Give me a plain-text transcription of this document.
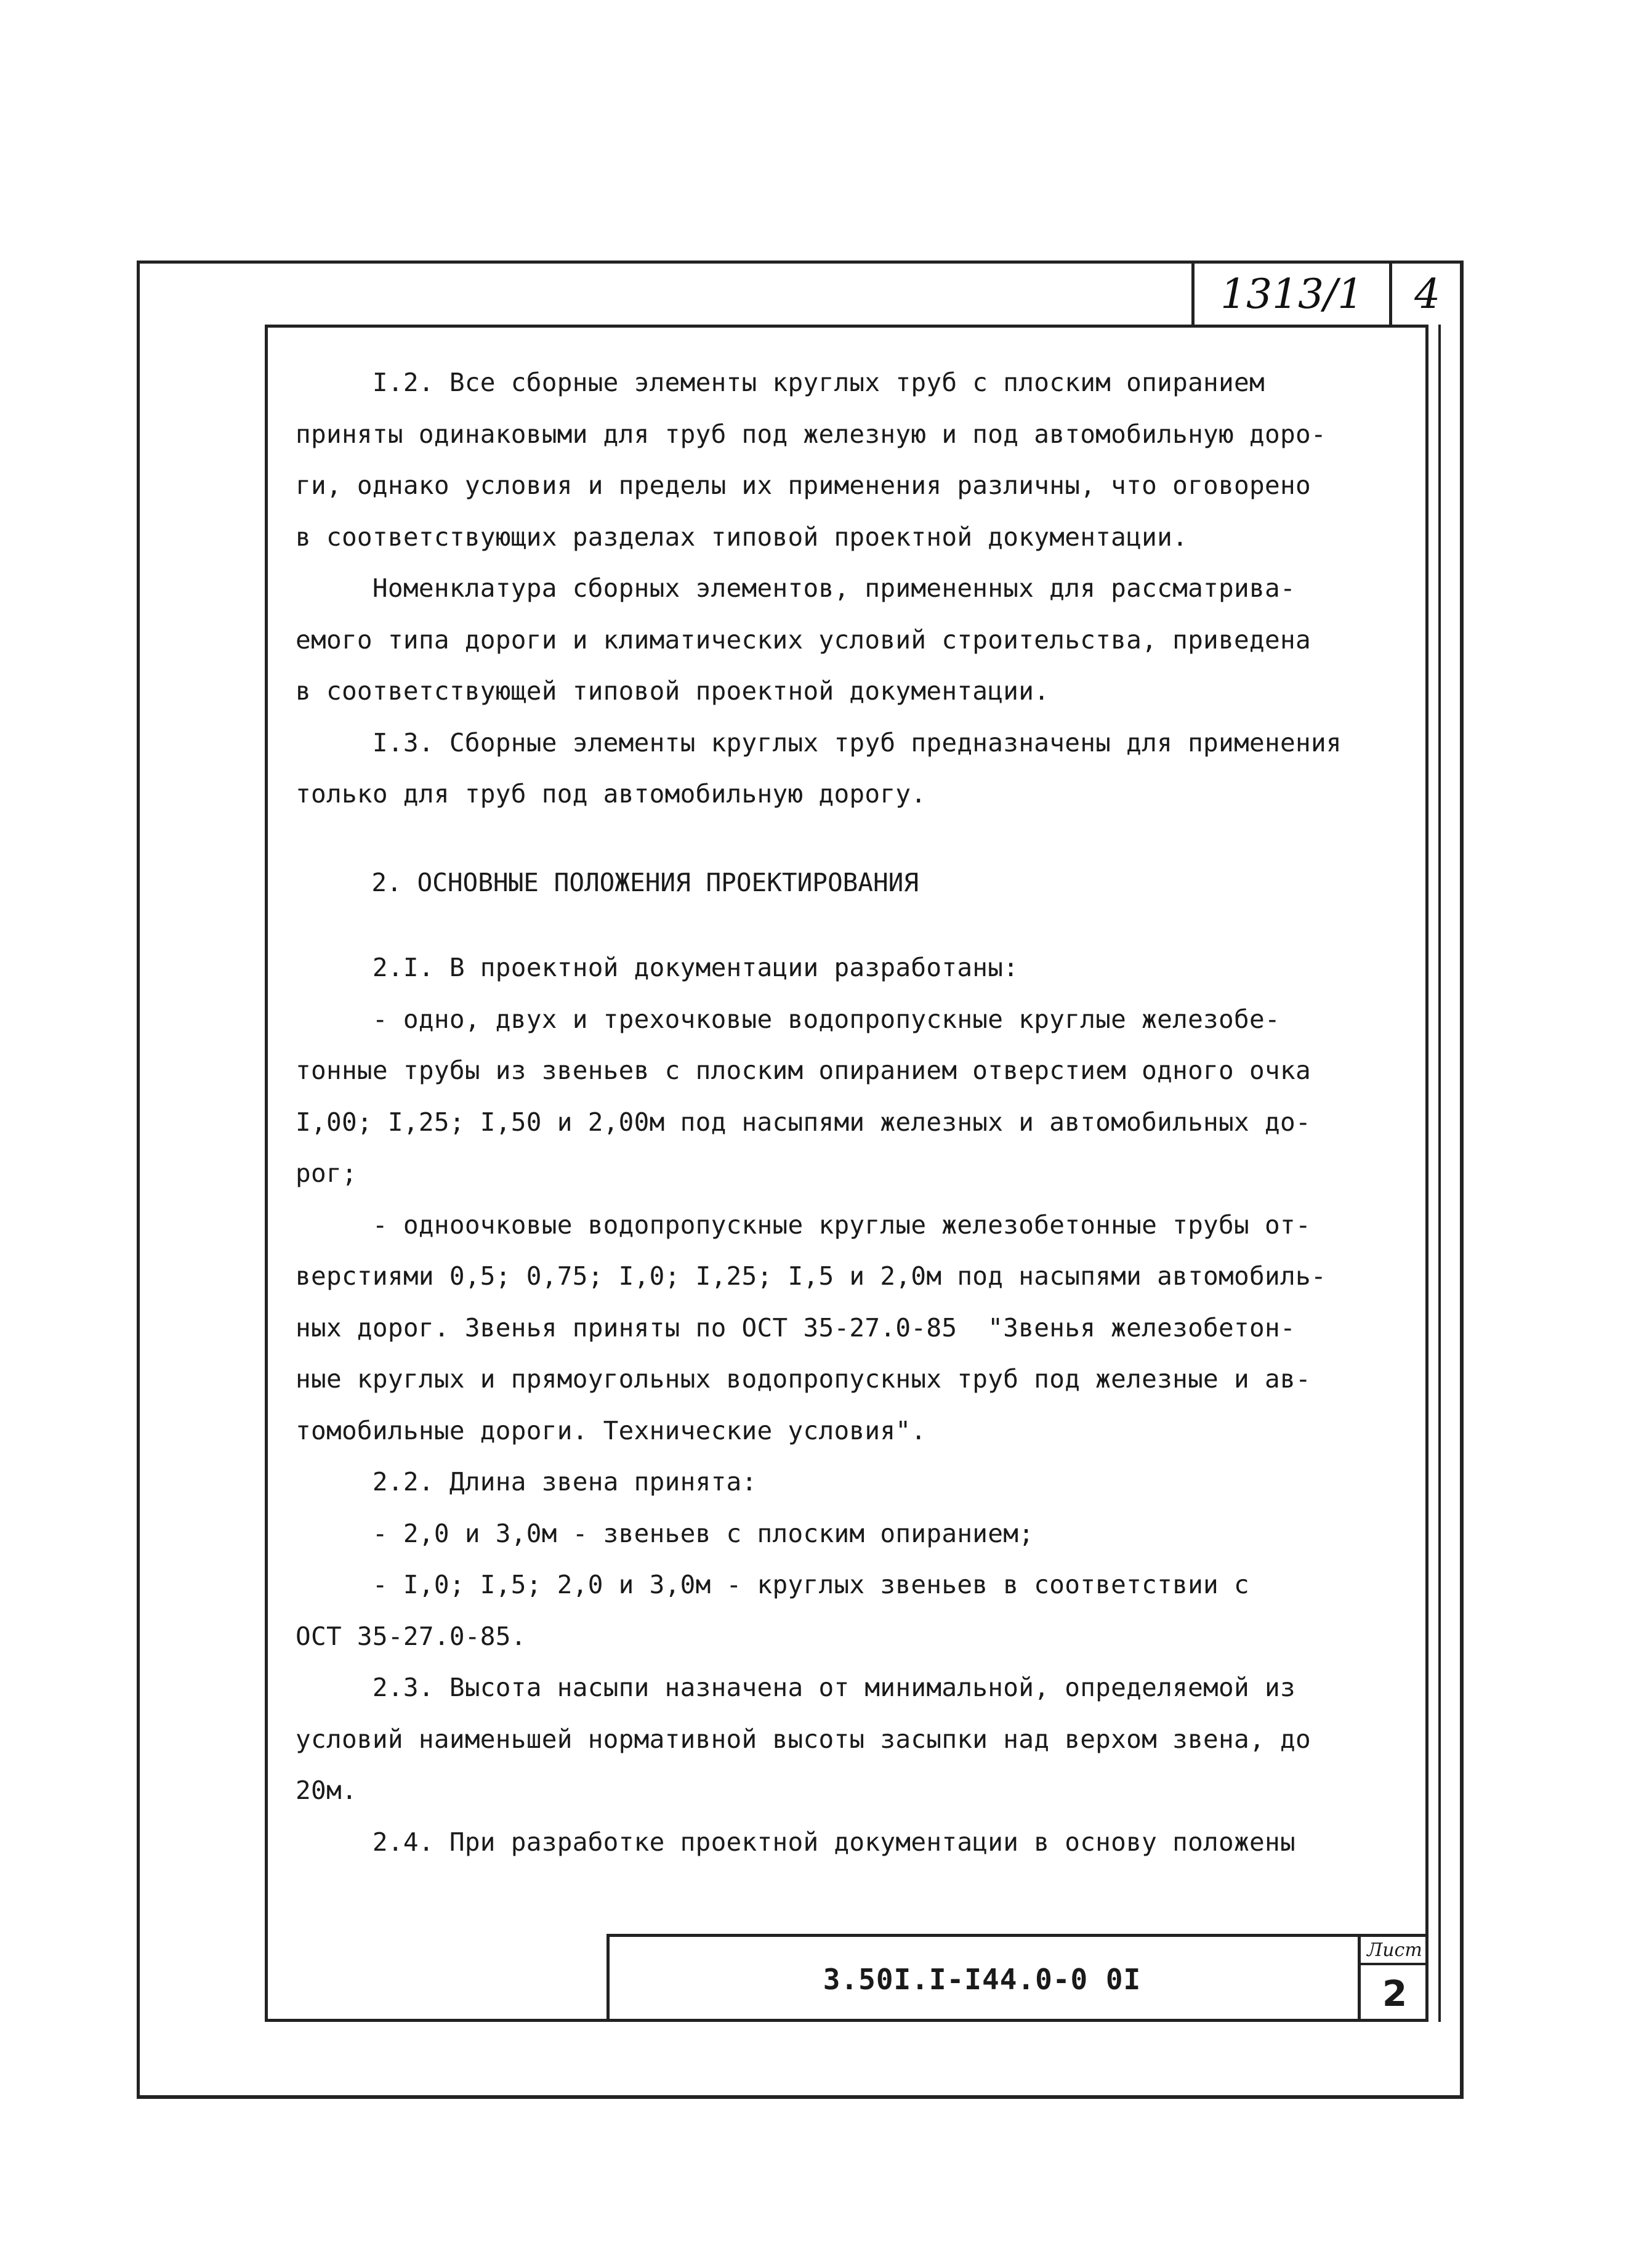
1313/1	4
I.2. Все сборные элементы круглых труб с плоским опиранием
приняты одинаковыми для труб под железную и под автомобильную доро-
ги, однако условия и пределы их применения различны, что оговорено
в соответствующих разделах типовой проектной документации.
Номенклатура сборных элементов, примененных для рассматрива-
емого типа дороги и климатических условий строительства, приведена
в соответствующей типовой проектной документации.
I.3. Сборные элементы круглых труб предназначены для применения
только для труб под автомобильную дорогу.
2. ОСНОВНЫЕ ПОЛОЖЕНИЯ ПРОЕКТИРОВАНИЯ
2.I. В проектной документации разработаны:
- одно, двух и трехочковые водопропускные круглые железобе-
тонные трубы из звеньев с плоским опиранием отверстием одного очка
I,00; I,25; I,50 и 2,00м под насыпями железных и автомобильных до-
рог;
- одноочковые водопропускные круглые железобетонные трубы от-
верстиями 0,5; 0,75; I,0; I,25; I,5 и 2,0м под насыпями автомобиль-
ных дорог. Звенья приняты по ОСТ 35-27.0-85  "Звенья железобетон-
ные круглых и прямоугольных водопропускных труб под железные и ав-
томобильные дороги. Технические условия".
2.2. Длина звена принята:
- 2,0 и 3,0м - звеньев с плоским опиранием;
- I,0; I,5; 2,0 и 3,0м - круглых звеньев в соответствии с
ОСТ 35-27.0-85.
2.3. Высота насыпи назначена от минимальной, определяемой из
условий наименьшей нормативной высоты засыпки над верхом звена, до
20м.
2.4. При разработке проектной документации в основу положены
3.50I.I-I44.0-0 0I
Лист
2
